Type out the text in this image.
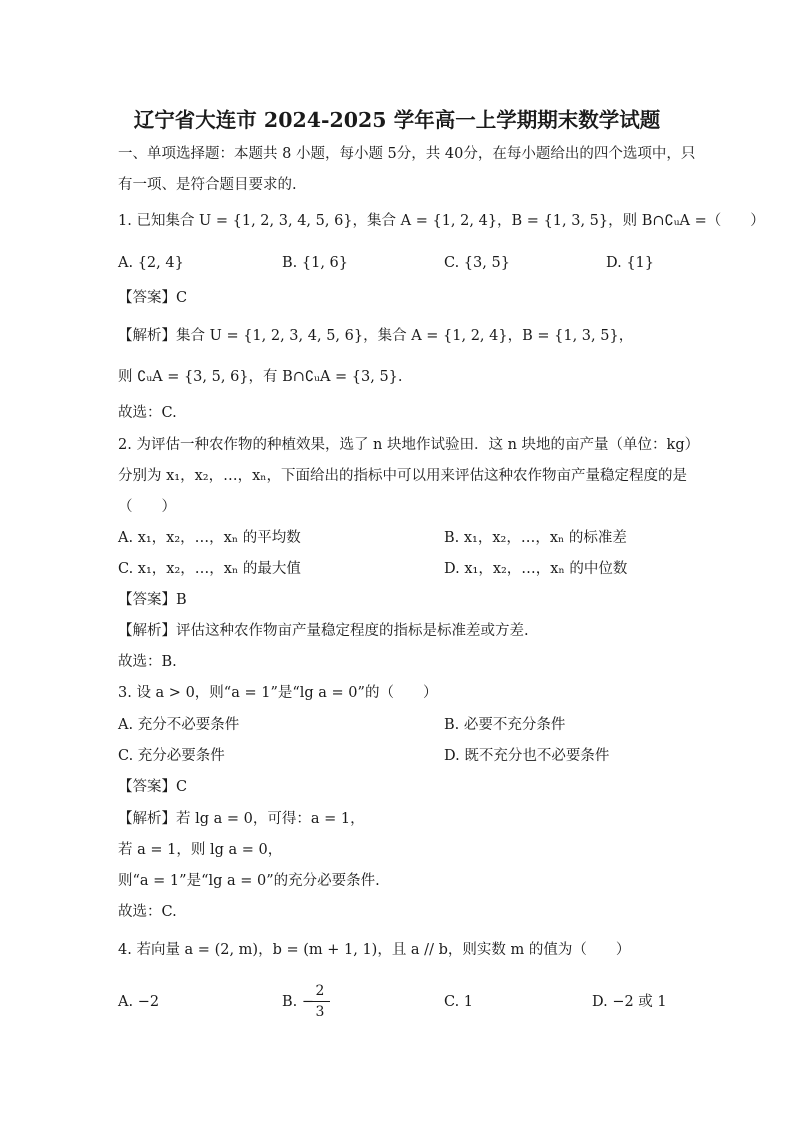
辽宁省大连市 2024-2025 学年高一上学期期末数学试题
一、单项选择题：本题共 8 小题，每小题 5分，共 40分，在每小题给出的四个选项中，只
有一项、是符合题目要求的.
1. 已知集合 U = {1, 2, 3, 4, 5, 6}，集合 A = {1, 2, 4}，B = {1, 3, 5}，则 B∩∁ᵤA =（　　）
A. {2, 4}	B. {1, 6}	C. {3, 5}	D. {1}
【答案】C
【解析】集合 U = {1, 2, 3, 4, 5, 6}，集合 A = {1, 2, 4}，B = {1, 3, 5}，
则 ∁ᵤA = {3, 5, 6}，有 B∩∁ᵤA = {3, 5}.
故选：C.
2. 为评估一种农作物的种植效果，选了 n 块地作试验田．这 n 块地的亩产量（单位：kg）
分别为 x₁，x₂，…，xₙ，下面给出的指标中可以用来评估这种农作物亩产量稳定程度的是
（　　）
A. x₁，x₂，…，xₙ 的平均数	B. x₁，x₂，…，xₙ 的标准差
C. x₁，x₂，…，xₙ 的最大值	D. x₁，x₂，…，xₙ 的中位数
【答案】B
【解析】评估这种农作物亩产量稳定程度的指标是标准差或方差.
故选：B.
3. 设 a > 0，则“a = 1”是“lg a = 0”的（　　）
A. 充分不必要条件	B. 必要不充分条件
C. 充分必要条件	D. 既不充分也不必要条件
【答案】C
【解析】若 lg a = 0，可得：a = 1，
若 a = 1，则 lg a = 0，
则“a = 1”是“lg a = 0”的充分必要条件.
故选：C.
4. 若向量 a = (2, m)，b = (m + 1, 1)，且 a // b，则实数 m 的值为（　　）
A. −2	B. −
2
3
C. 1	D. −2 或 1
